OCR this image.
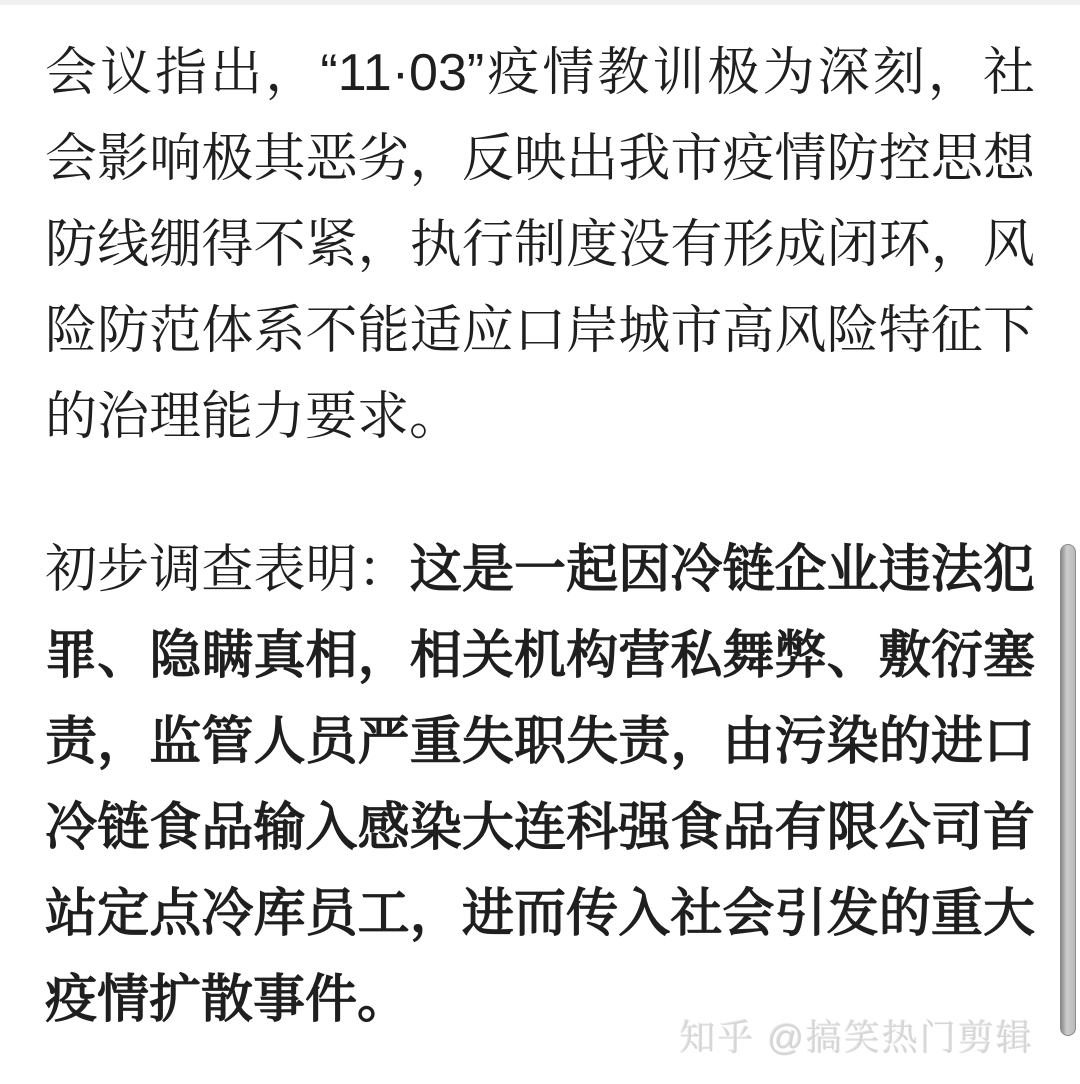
会议指出，“11·03”疫情教训极为深刻，社会影响极其恶劣，反映出我市疫情防控思想防线绷得不紧，执行制度没有形成闭环，风险防范体系不能适应口岸城市高风险特征下的治理能力要求。

初步调查表明：这是一起因冷链企业违法犯罪、隐瞒真相，相关机构营私舞弊、敷衍塞责，监管人员严重失职失责，由污染的进口冷链食品输入感染大连科强食品有限公司首站定点冷库员工，进而传入社会引发的重大疫情扩散事件。

知乎 @搞笑热门剪辑
